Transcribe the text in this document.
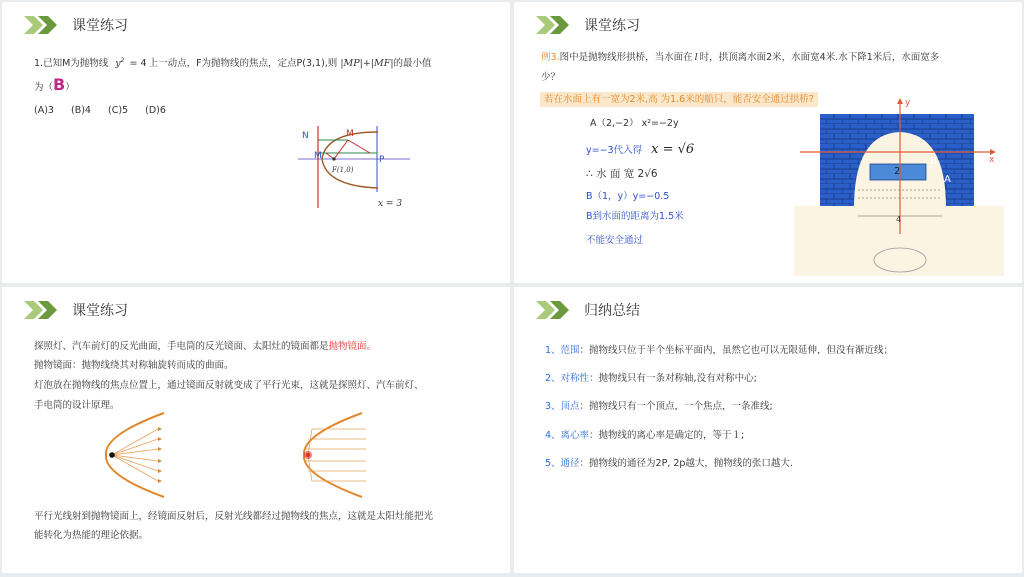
课堂练习
1.已知M为抛物线 $y^2 = 4$ 上一动点，F为抛物线的焦点，定点P(3,1),则 |MP|+|MF|的最小值
为（B）
(A)3 (B)4 (C)5 (D)6
N	M
M	P
F(1,0)
x = 3
课堂练习
例3.图中是抛物线形拱桥，当水面在 l 时，拱顶离水面2米，水面宽4米.水下降1米后，水面宽多
少？
若在水面上有一宽为2米,高 为1.6米的船只，能否安全通过拱桥?
A（2,−2） x²=−2y
y=−3代入得 x = √6
∴ 水 面 宽 2√6
B（1，y）y=−0.5
B到水面的距离为1.5米
不能安全通过
y
x
B
A
2
4
课堂练习
探照灯、汽车前灯的反光曲面，手电筒的反光镜面、太阳灶的镜面都是抛物镜面。
抛物镜面：抛物线绕其对称轴旋转而成的曲面。
灯泡放在抛物线的焦点位置上，通过镜面反射就变成了平行光束，这就是探照灯、汽车前灯、
手电筒的设计原理。
平行光线射到抛物镜面上，经镜面反射后，反射光线都经过抛物线的焦点，这就是太阳灶能把光
能转化为热能的理论依据。
归纳总结
1、范围：抛物线只位于半个坐标平面内，虽然它也可以无限延伸，但没有渐近线；
2、对称性：抛物线只有一条对称轴,没有对称中心;
3、顶点：抛物线只有一个顶点，一个焦点，一条准线;
4、离心率：抛物线的离心率是确定的，等于１;
5、通径：抛物线的通径为2P, 2p越大，抛物线的张口越大.
